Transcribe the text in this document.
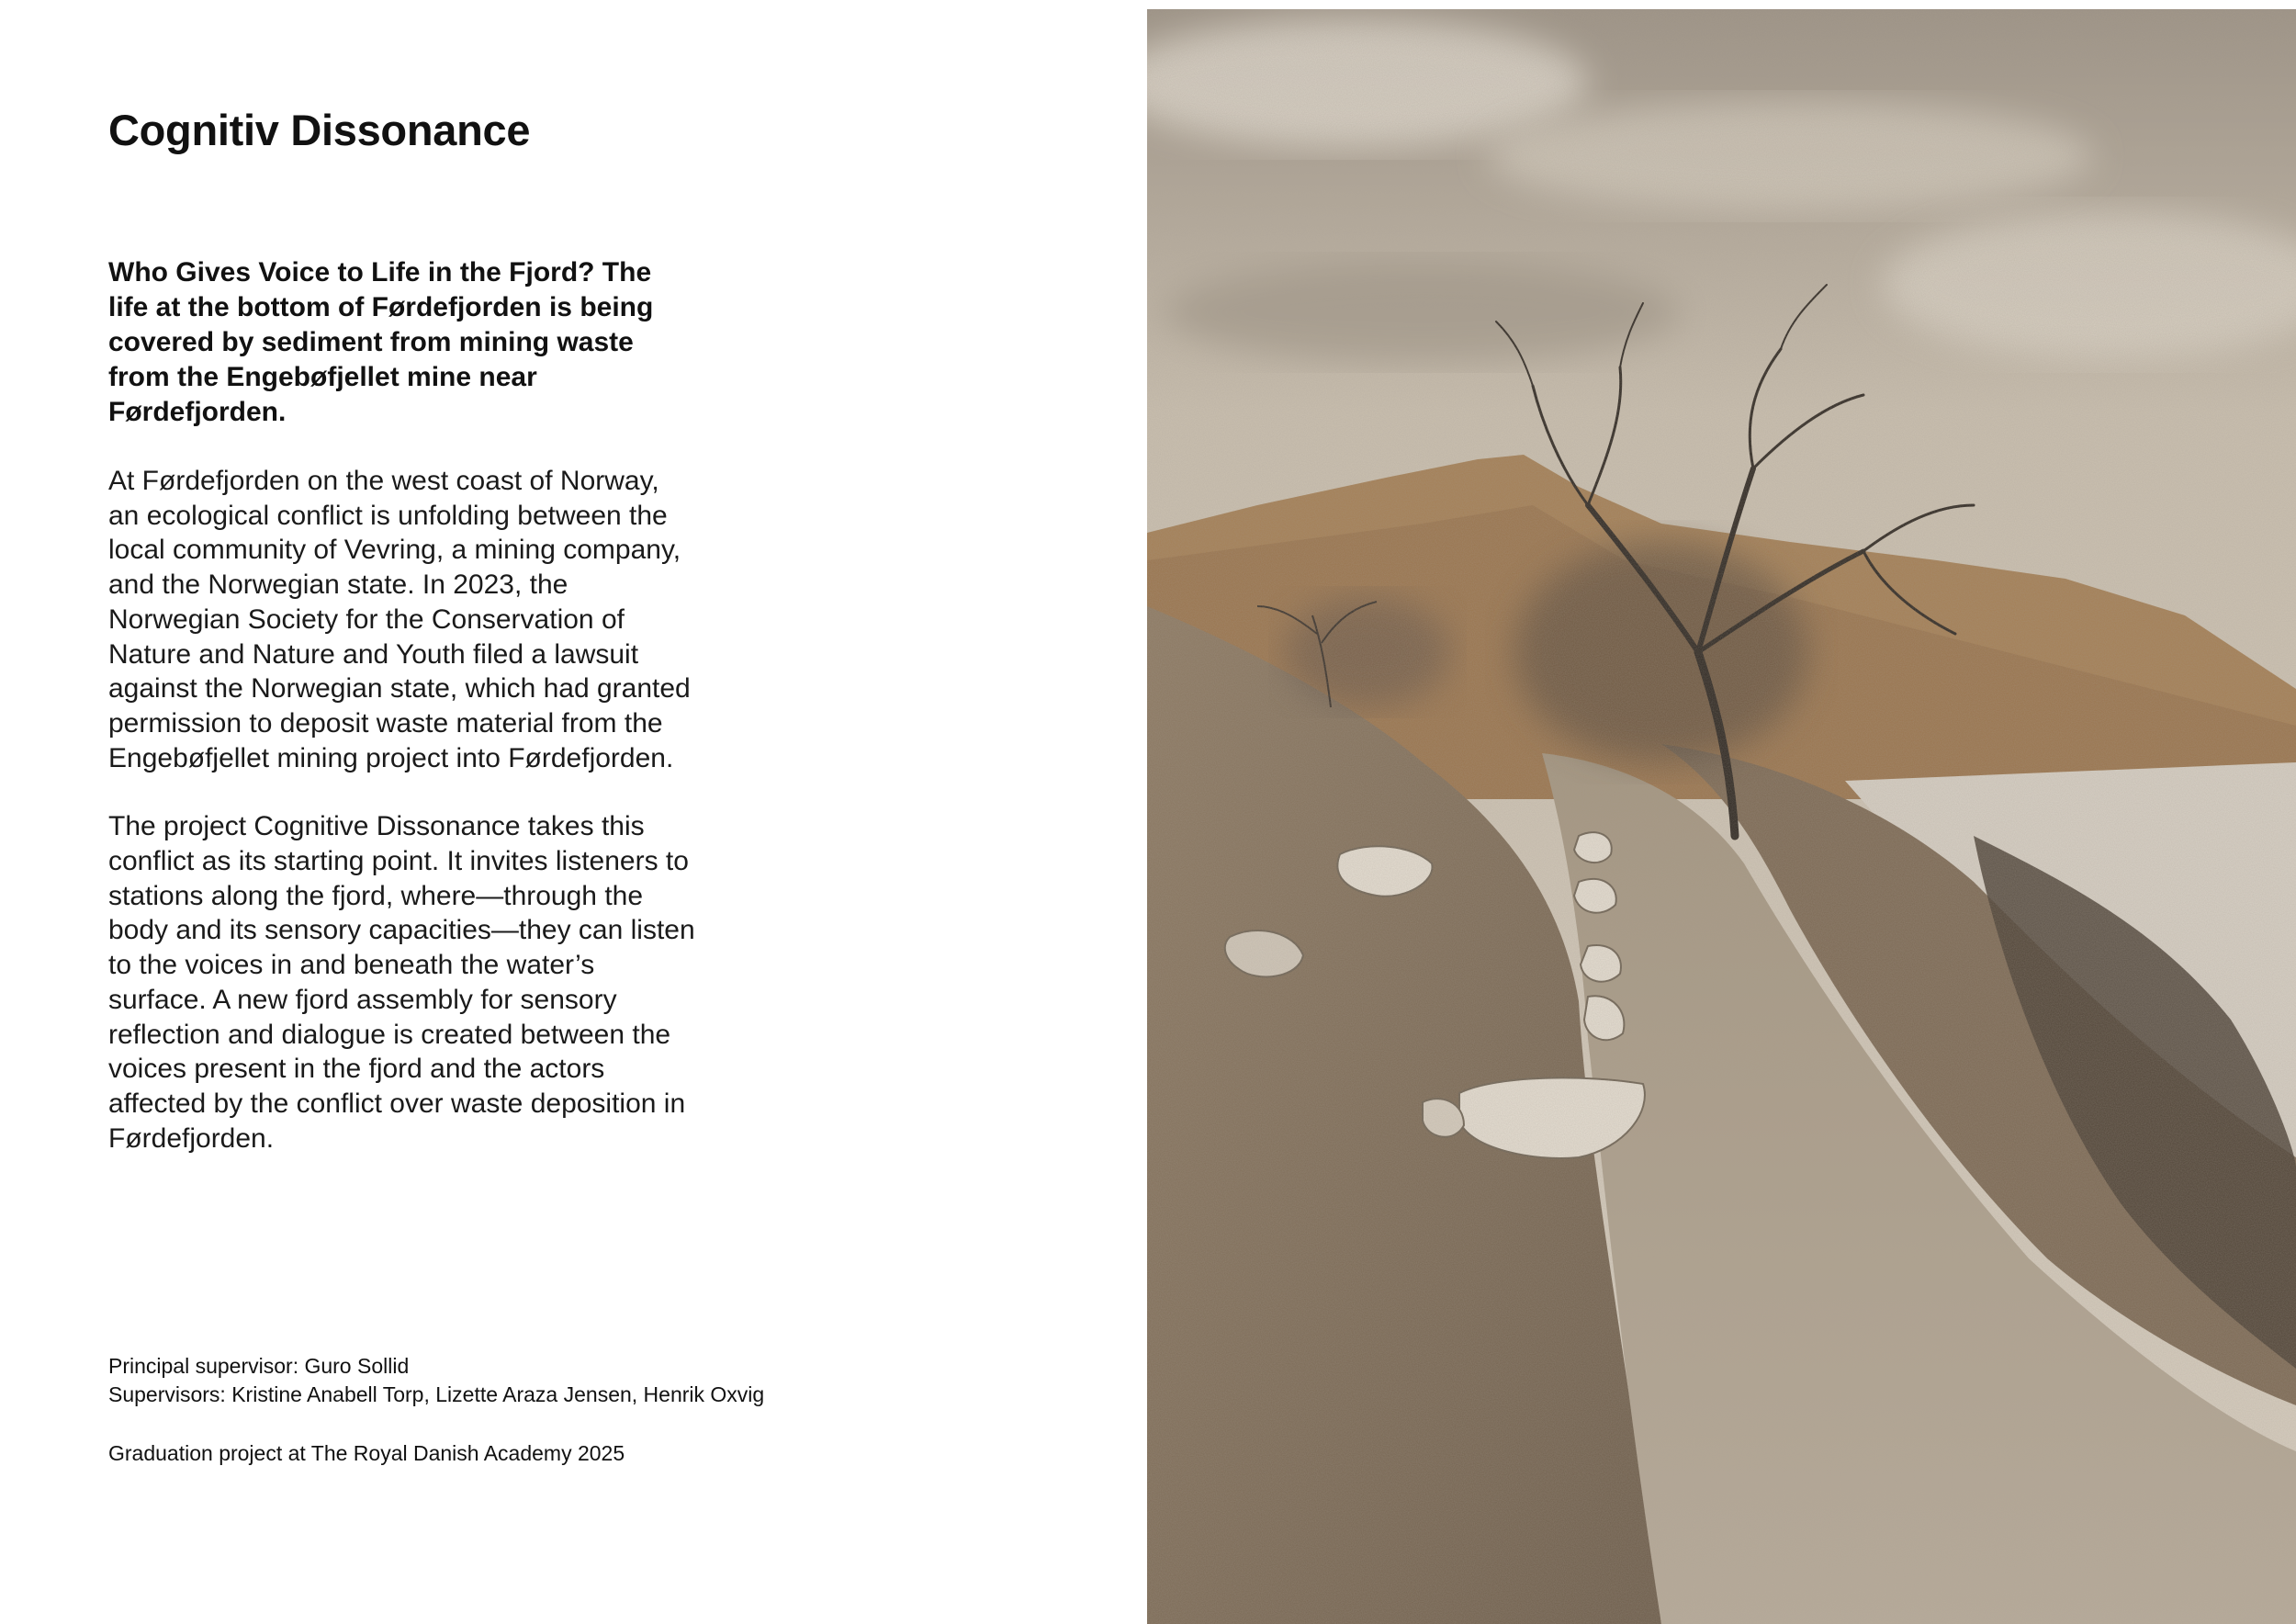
Cognitiv Dissonance

Who Gives Voice to Life in the Fjord? The life at the bottom of Førdefjorden is being covered by sediment from mining waste from the Engebøfjellet mine near Førdefjorden.

At Førdefjorden on the west coast of Norway, an ecological conflict is unfolding between the local community of Vevring, a mining company, and the Norwegian state. In 2023, the Norwegian Society for the Conservation of Nature and Nature and Youth filed a lawsuit against the Norwegian state, which had granted permission to deposit waste material from the Engebøfjellet mining project into Førdefjorden.

The project Cognitive Dissonance takes this conflict as its starting point. It invites listeners to stations along the fjord, where—through the body and its sensory capacities—they can listen to the voices in and beneath the water’s surface. A new fjord assembly for sensory reflection and dialogue is created between the voices present in the fjord and the actors affected by the conflict over waste deposition in Førdefjorden.

Principal supervisor: Guro Sollid

Supervisors: Kristine Anabell Torp, Lizette Araza Jensen, Henrik Oxvig

Graduation project at The Royal Danish Academy 2025
